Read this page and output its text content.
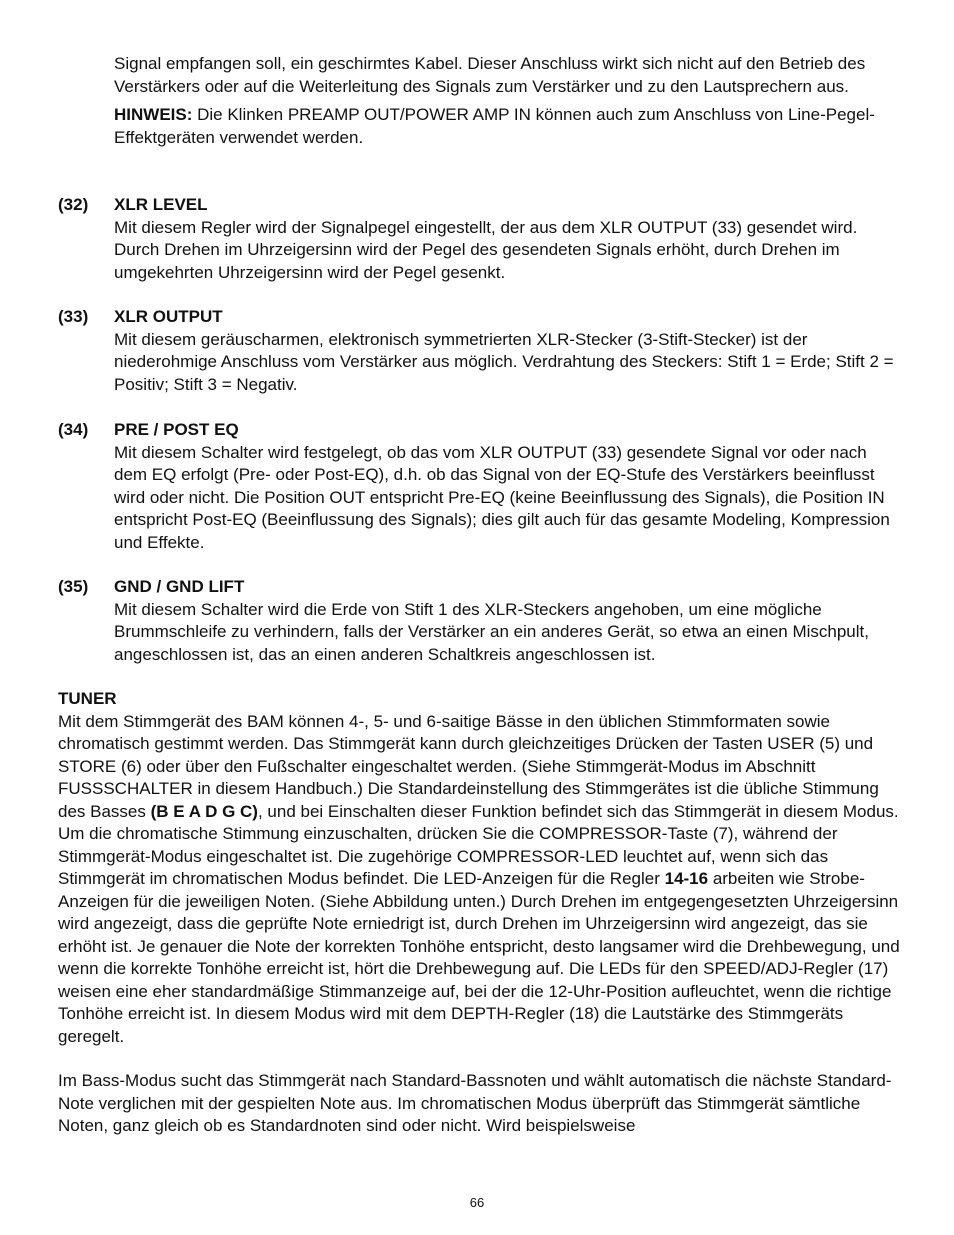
Signal empfangen soll, ein geschirmtes Kabel. Dieser Anschluss wirkt sich nicht auf den Betrieb des Verstärkers oder auf die Weiterleitung des Signals zum Verstärker und zu den Lautsprechern aus.

HINWEIS: Die Klinken PREAMP OUT/POWER AMP IN können auch zum Anschluss von Line-Pegel-Effektgeräten verwendet werden.

(32)	XLR LEVEL

Mit diesem Regler wird der Signalpegel eingestellt, der aus dem XLR OUTPUT (33) gesendet wird. Durch Drehen im Uhrzeigersinn wird der Pegel des gesendeten Signals erhöht, durch Drehen im umgekehrten Uhrzeigersinn wird der Pegel gesenkt.

(33)	XLR OUTPUT

Mit diesem geräuscharmen, elektronisch symmetrierten XLR-Stecker (3-Stift-Stecker) ist der niederohmige Anschluss vom Verstärker aus möglich. Verdrahtung des Steckers: Stift 1 = Erde; Stift 2 = Positiv; Stift 3 = Negativ.

(34)	PRE / POST EQ

Mit diesem Schalter wird festgelegt, ob das vom XLR OUTPUT (33) gesendete Signal vor oder nach dem EQ erfolgt (Pre- oder Post-EQ), d.h. ob das Signal von der EQ-Stufe des Verstärkers beeinflusst wird oder nicht. Die Position OUT entspricht Pre-EQ (keine Beeinflussung des Signals), die Position IN entspricht Post-EQ (Beeinflussung des Signals); dies gilt auch für das gesamte Modeling, Kompression und Effekte.

(35)	GND / GND LIFT

Mit diesem Schalter wird die Erde von Stift 1 des XLR-Steckers angehoben, um eine mögliche Brummschleife zu verhindern, falls der Verstärker an ein anderes Gerät, so etwa an einen Mischpult, angeschlossen ist, das an einen anderen Schaltkreis angeschlossen ist.

TUNER

Mit dem Stimmgerät des BAM können 4-, 5- und 6-saitige Bässe in den üblichen Stimmformaten sowie chromatisch gestimmt werden. Das Stimmgerät kann durch gleichzeitiges Drücken der Tasten USER (5) und STORE (6) oder über den Fußschalter eingeschaltet werden. (Siehe Stimmgerät-Modus im Abschnitt FUSSSCHALTER in diesem Handbuch.) Die Standardeinstellung des Stimmgerätes ist die übliche Stimmung des Basses (B E A D G C), und bei Einschalten dieser Funktion befindet sich das Stimmgerät in diesem Modus. Um die chromatische Stimmung einzuschalten, drücken Sie die COMPRESSOR-Taste (7), während der Stimmgerät-Modus eingeschaltet ist. Die zugehörige COMPRESSOR-LED leuchtet auf, wenn sich das Stimmgerät im chromatischen Modus befindet. Die LED-Anzeigen für die Regler 14-16 arbeiten wie Strobe-Anzeigen für die jeweiligen Noten. (Siehe Abbildung unten.) Durch Drehen im entgegengesetzten Uhrzeigersinn wird angezeigt, dass die geprüfte Note erniedrigt ist, durch Drehen im Uhrzeigersinn wird angezeigt, das sie erhöht ist. Je genauer die Note der korrekten Tonhöhe entspricht, desto langsamer wird die Drehbewegung, und wenn die korrekte Tonhöhe erreicht ist, hört die Drehbewegung auf. Die LEDs für den SPEED/ADJ-Regler (17) weisen eine eher standardmäßige Stimmanzeige auf, bei der die 12-Uhr-Position aufleuchtet, wenn die richtige Tonhöhe erreicht ist. In diesem Modus wird mit dem DEPTH-Regler (18) die Lautstärke des Stimmgeräts geregelt.

Im Bass-Modus sucht das Stimmgerät nach Standard-Bassnoten und wählt automatisch die nächste Standard-Note verglichen mit der gespielten Note aus. Im chromatischen Modus überprüft das Stimmgerät sämtliche Noten, ganz gleich ob es Standardnoten sind oder nicht. Wird beispielsweise

66
